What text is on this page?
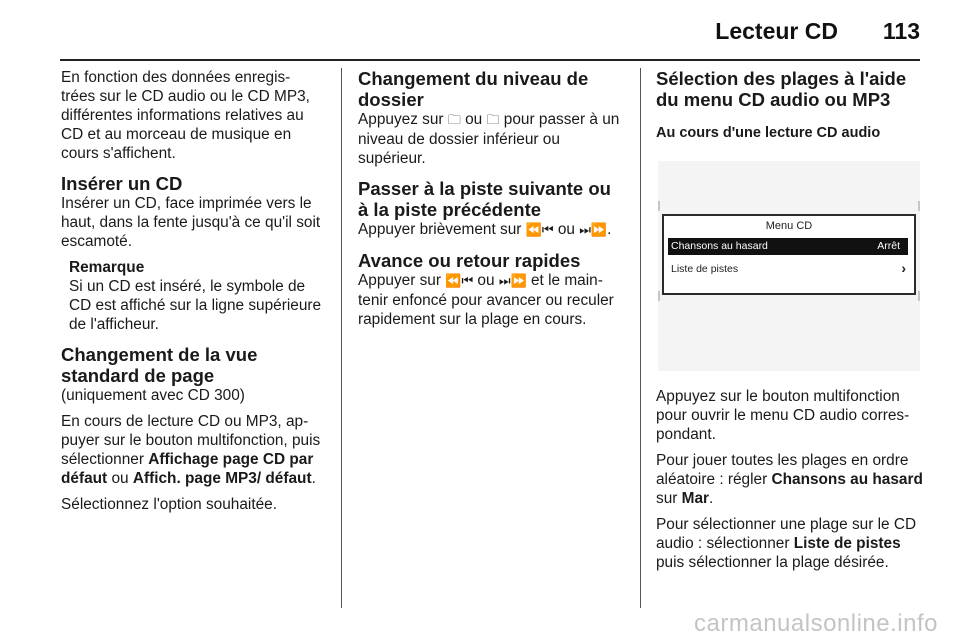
Lecteur CD 113

En fonction des données enregis- trées sur le CD audio ou le CD MP3, différentes informations relatives au CD et au morceau de musique en cours s'affichent.

Insérer un CD

Insérer un CD, face imprimée vers le haut, dans la fente jusqu'à ce qu'il soit escamoté.

Remarque

Si un CD est inséré, le symbole de CD est affiché sur la ligne supérieure de l'afficheur.

Changement de la vue standard de page

(uniquement avec CD 300)

En cours de lecture CD ou MP3, ap- puyer sur le bouton multifonction, puis sélectionner Affichage page CD par défaut ou Affich. page MP3/ défaut.

Sélectionnez l'option souhaitée.

Changement du niveau de dossier

Appuyez sur 🗀 ou 🗀 pour passer à un niveau de dossier inférieur ou supérieur.

Passer à la piste suivante ou à la piste précédente

Appuyer brièvement sur ⏪⏮ ou ⏭⏩.

Avance ou retour rapides

Appuyer sur ⏪⏮ ou ⏭⏩ et le main- tenir enfoncé pour avancer ou reculer rapidement sur la plage en cours.

Sélection des plages à l'aide du menu CD audio ou MP3
Au cours d'une lecture CD audio
Menu CD
Chansons au hasard	Arrêt
Liste de pistes	›

Appuyez sur le bouton multifonction pour ouvrir le menu CD audio corres- pondant.

Pour jouer toutes les plages en ordre aléatoire : régler Chansons au hasard sur Mar.

Pour sélectionner une plage sur le CD audio : sélectionner Liste de pistes puis sélectionner la plage désirée.

carmanualsonline.info
